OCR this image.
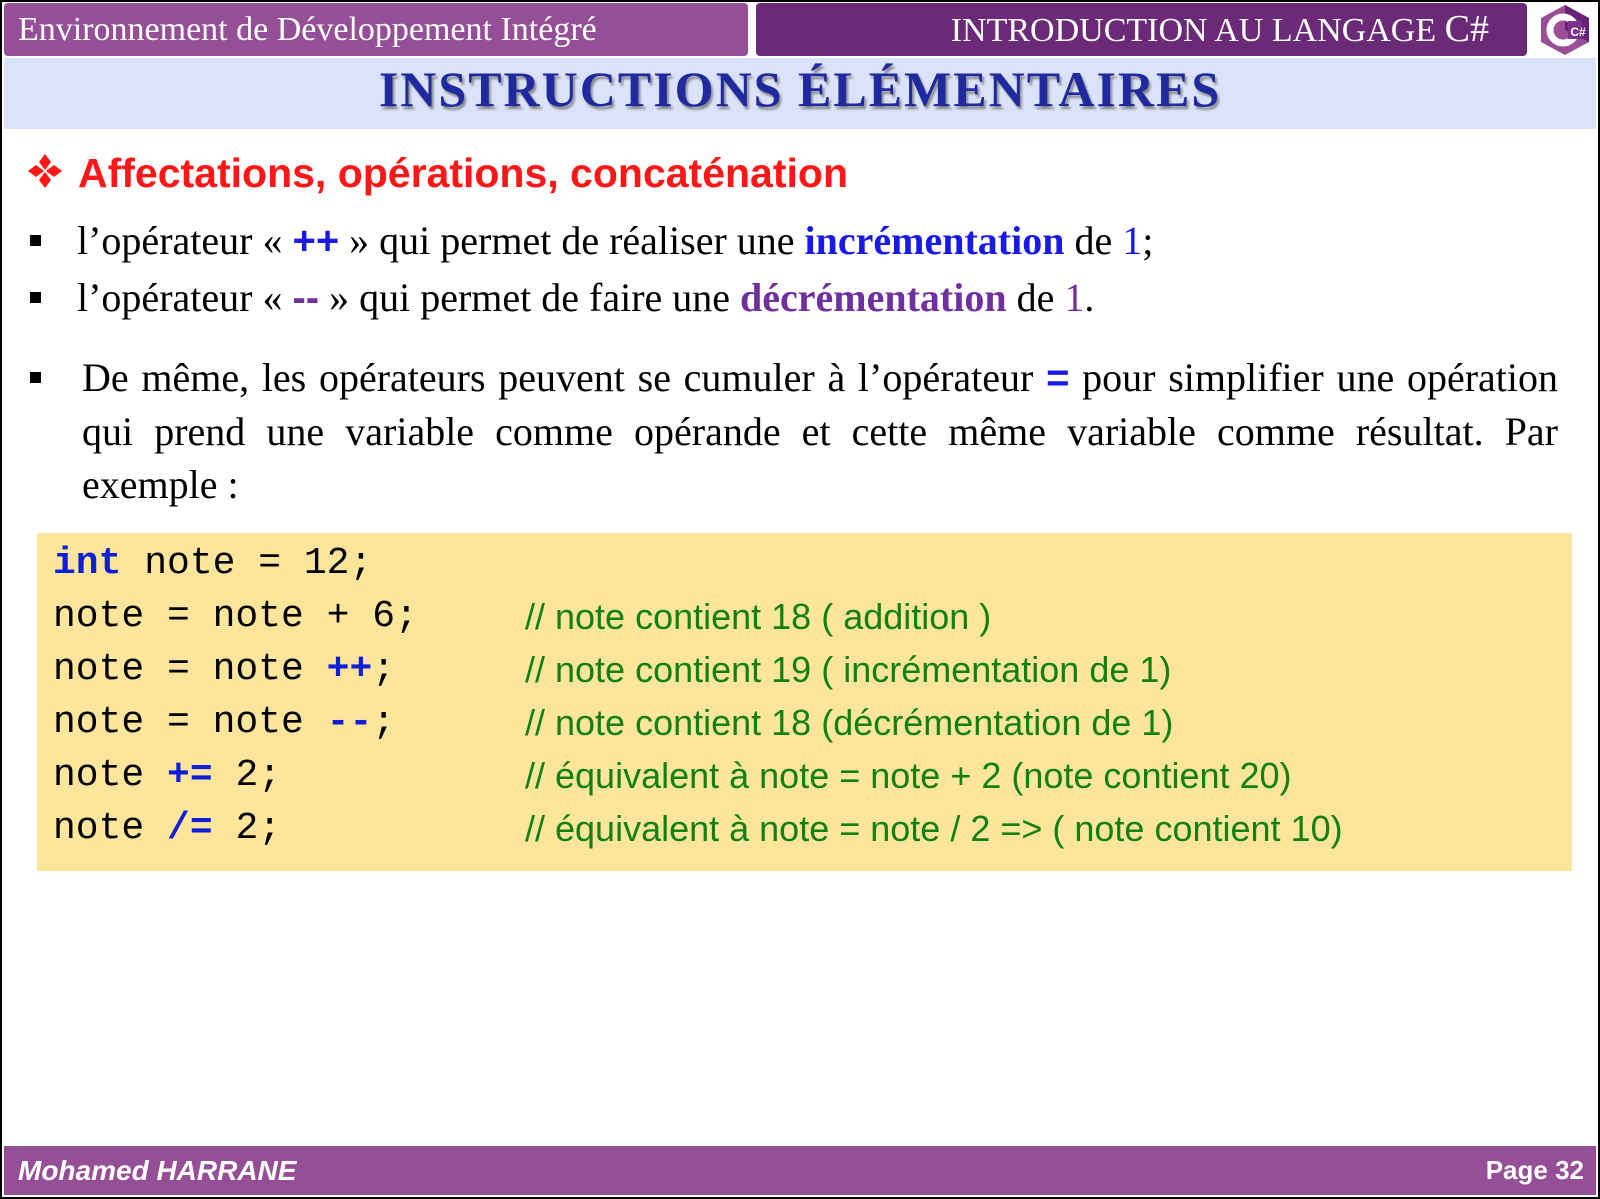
Environnement de Développement Intégré	INTRODUCTION AU LANGAGE C#	C#
INSTRUCTIONS ÉLÉMENTAIRES
Affectations, opérations, concaténation
l’opérateur « ++ » qui permet de réaliser une incrémentation de 1;
l’opérateur « -- » qui permet de faire une décrémentation de 1.
De même, les opérateurs peuvent se cumuler à l’opérateur = pour simplifier une opération qui prend une variable comme opérande et cette même variable comme résultat. Par exemple :
int note = 12;
note = note + 6;	// note contient 18 ( addition )
note = note ++;	// note contient 19 ( incrémentation de 1)
note = note --;	// note contient 18 (décrémentation de 1)
note += 2;	// équivalent à note = note + 2 (note contient 20)
note /= 2;	// équivalent à note = note / 2 => ( note contient 10)
Mohamed HARRANE	Page 32
